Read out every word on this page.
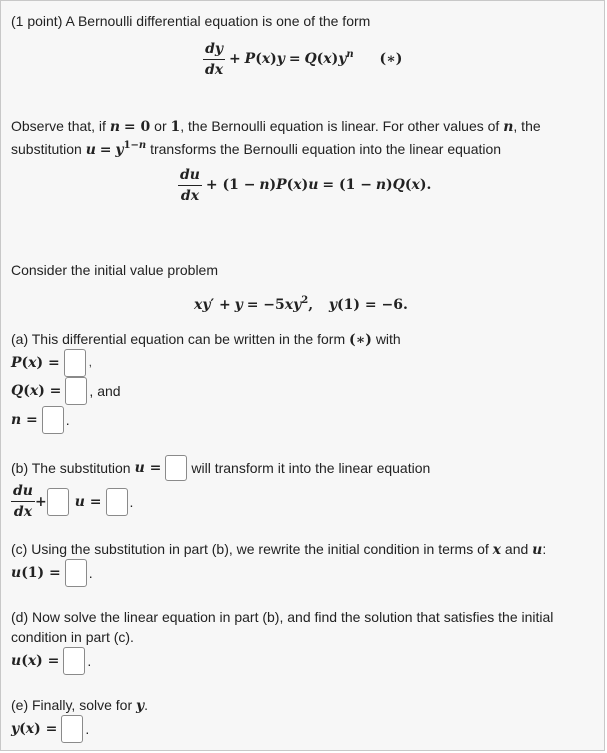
(1 point) A Bernoulli differential equation is one of the form
$\frac{dy}{dx} + P(x)y = Q(x)y^n$ (∗)
Observe that, if n = 0 or 1, the Bernoulli equation is linear. For other values of n, the
substitution $u = y^{1-n}$ transforms the Bernoulli equation into the linear equation
$\frac{du}{dx} + (1 - n)P(x)u = (1 - n)Q(x)$.
Consider the initial value problem
$xy' + y = -5xy^2$, y(1) = −6.
(a) This differential equation can be written in the form (∗) with
P ( x ) =	,
Q ( x ) = , and
n = .
(b) The substitution u = will transform it into the linear equation
$\frac{du}{dx} + u$ = .
(c) Using the substitution in part (b), we rewrite the initial condition in terms of x and u:
u (1) = .
(d) Now solve the linear equation in part (b), and find the solution that satisfies the initial
condition in part (c).
u ( x ) = .
(e) Finally, solve for y.
y ( x ) = .
